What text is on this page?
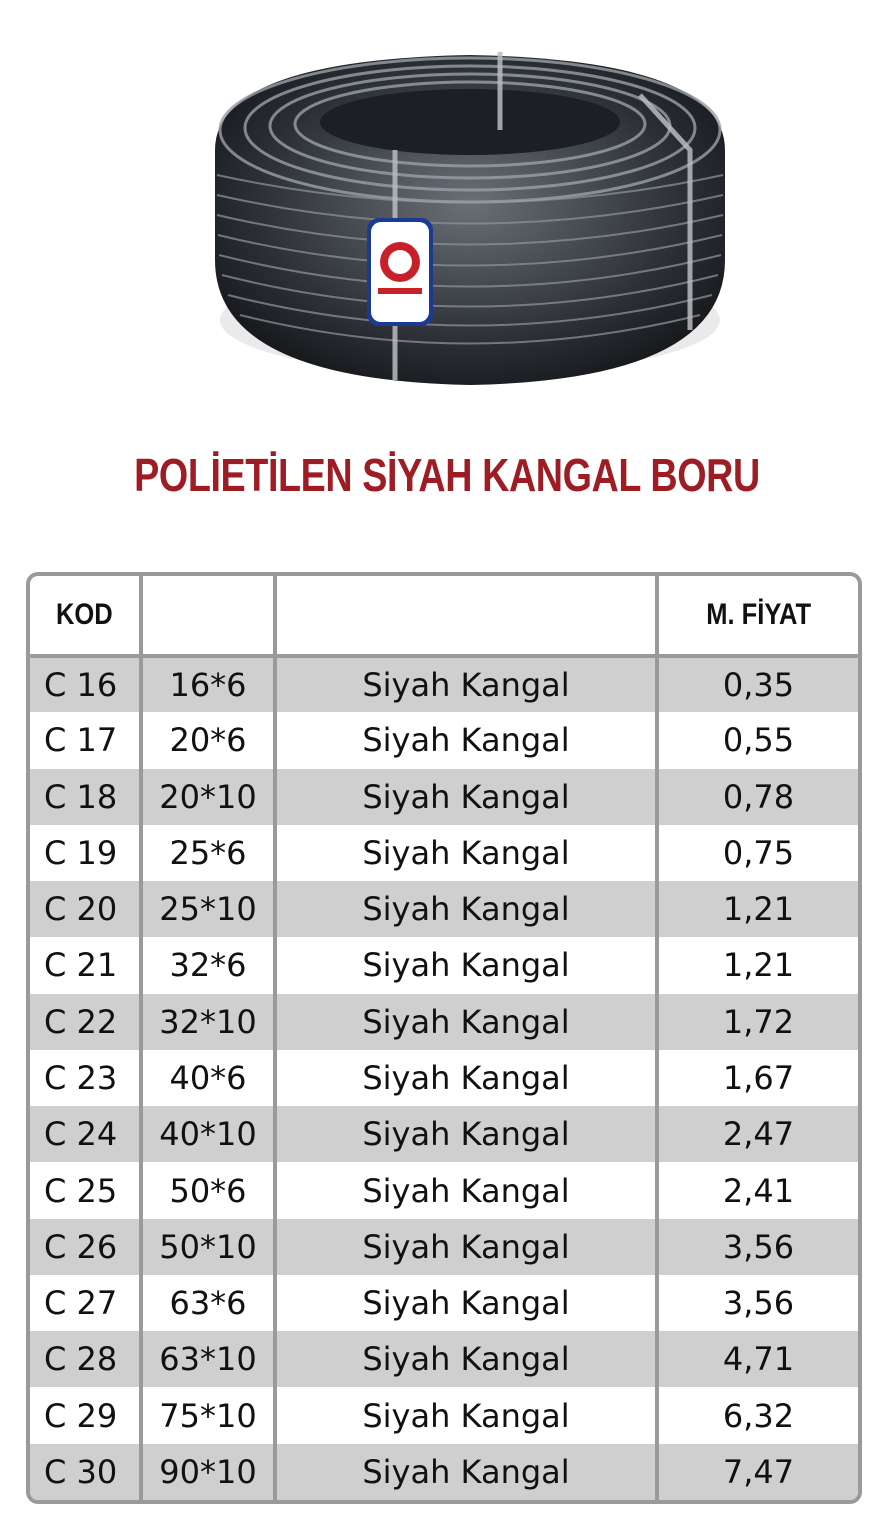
POLİETİLEN SİYAH KANGAL BORU
KOD			M. FİYAT
C 16	16*6	Siyah Kangal	0,35
C 17	20*6	Siyah Kangal	0,55
C 18	20*10	Siyah Kangal	0,78
C 19	25*6	Siyah Kangal	0,75
C 20	25*10	Siyah Kangal	1,21
C 21	32*6	Siyah Kangal	1,21
C 22	32*10	Siyah Kangal	1,72
C 23	40*6	Siyah Kangal	1,67
C 24	40*10	Siyah Kangal	2,47
C 25	50*6	Siyah Kangal	2,41
C 26	50*10	Siyah Kangal	3,56
C 27	63*6	Siyah Kangal	3,56
C 28	63*10	Siyah Kangal	4,71
C 29	75*10	Siyah Kangal	6,32
C 30	90*10	Siyah Kangal	7,47
